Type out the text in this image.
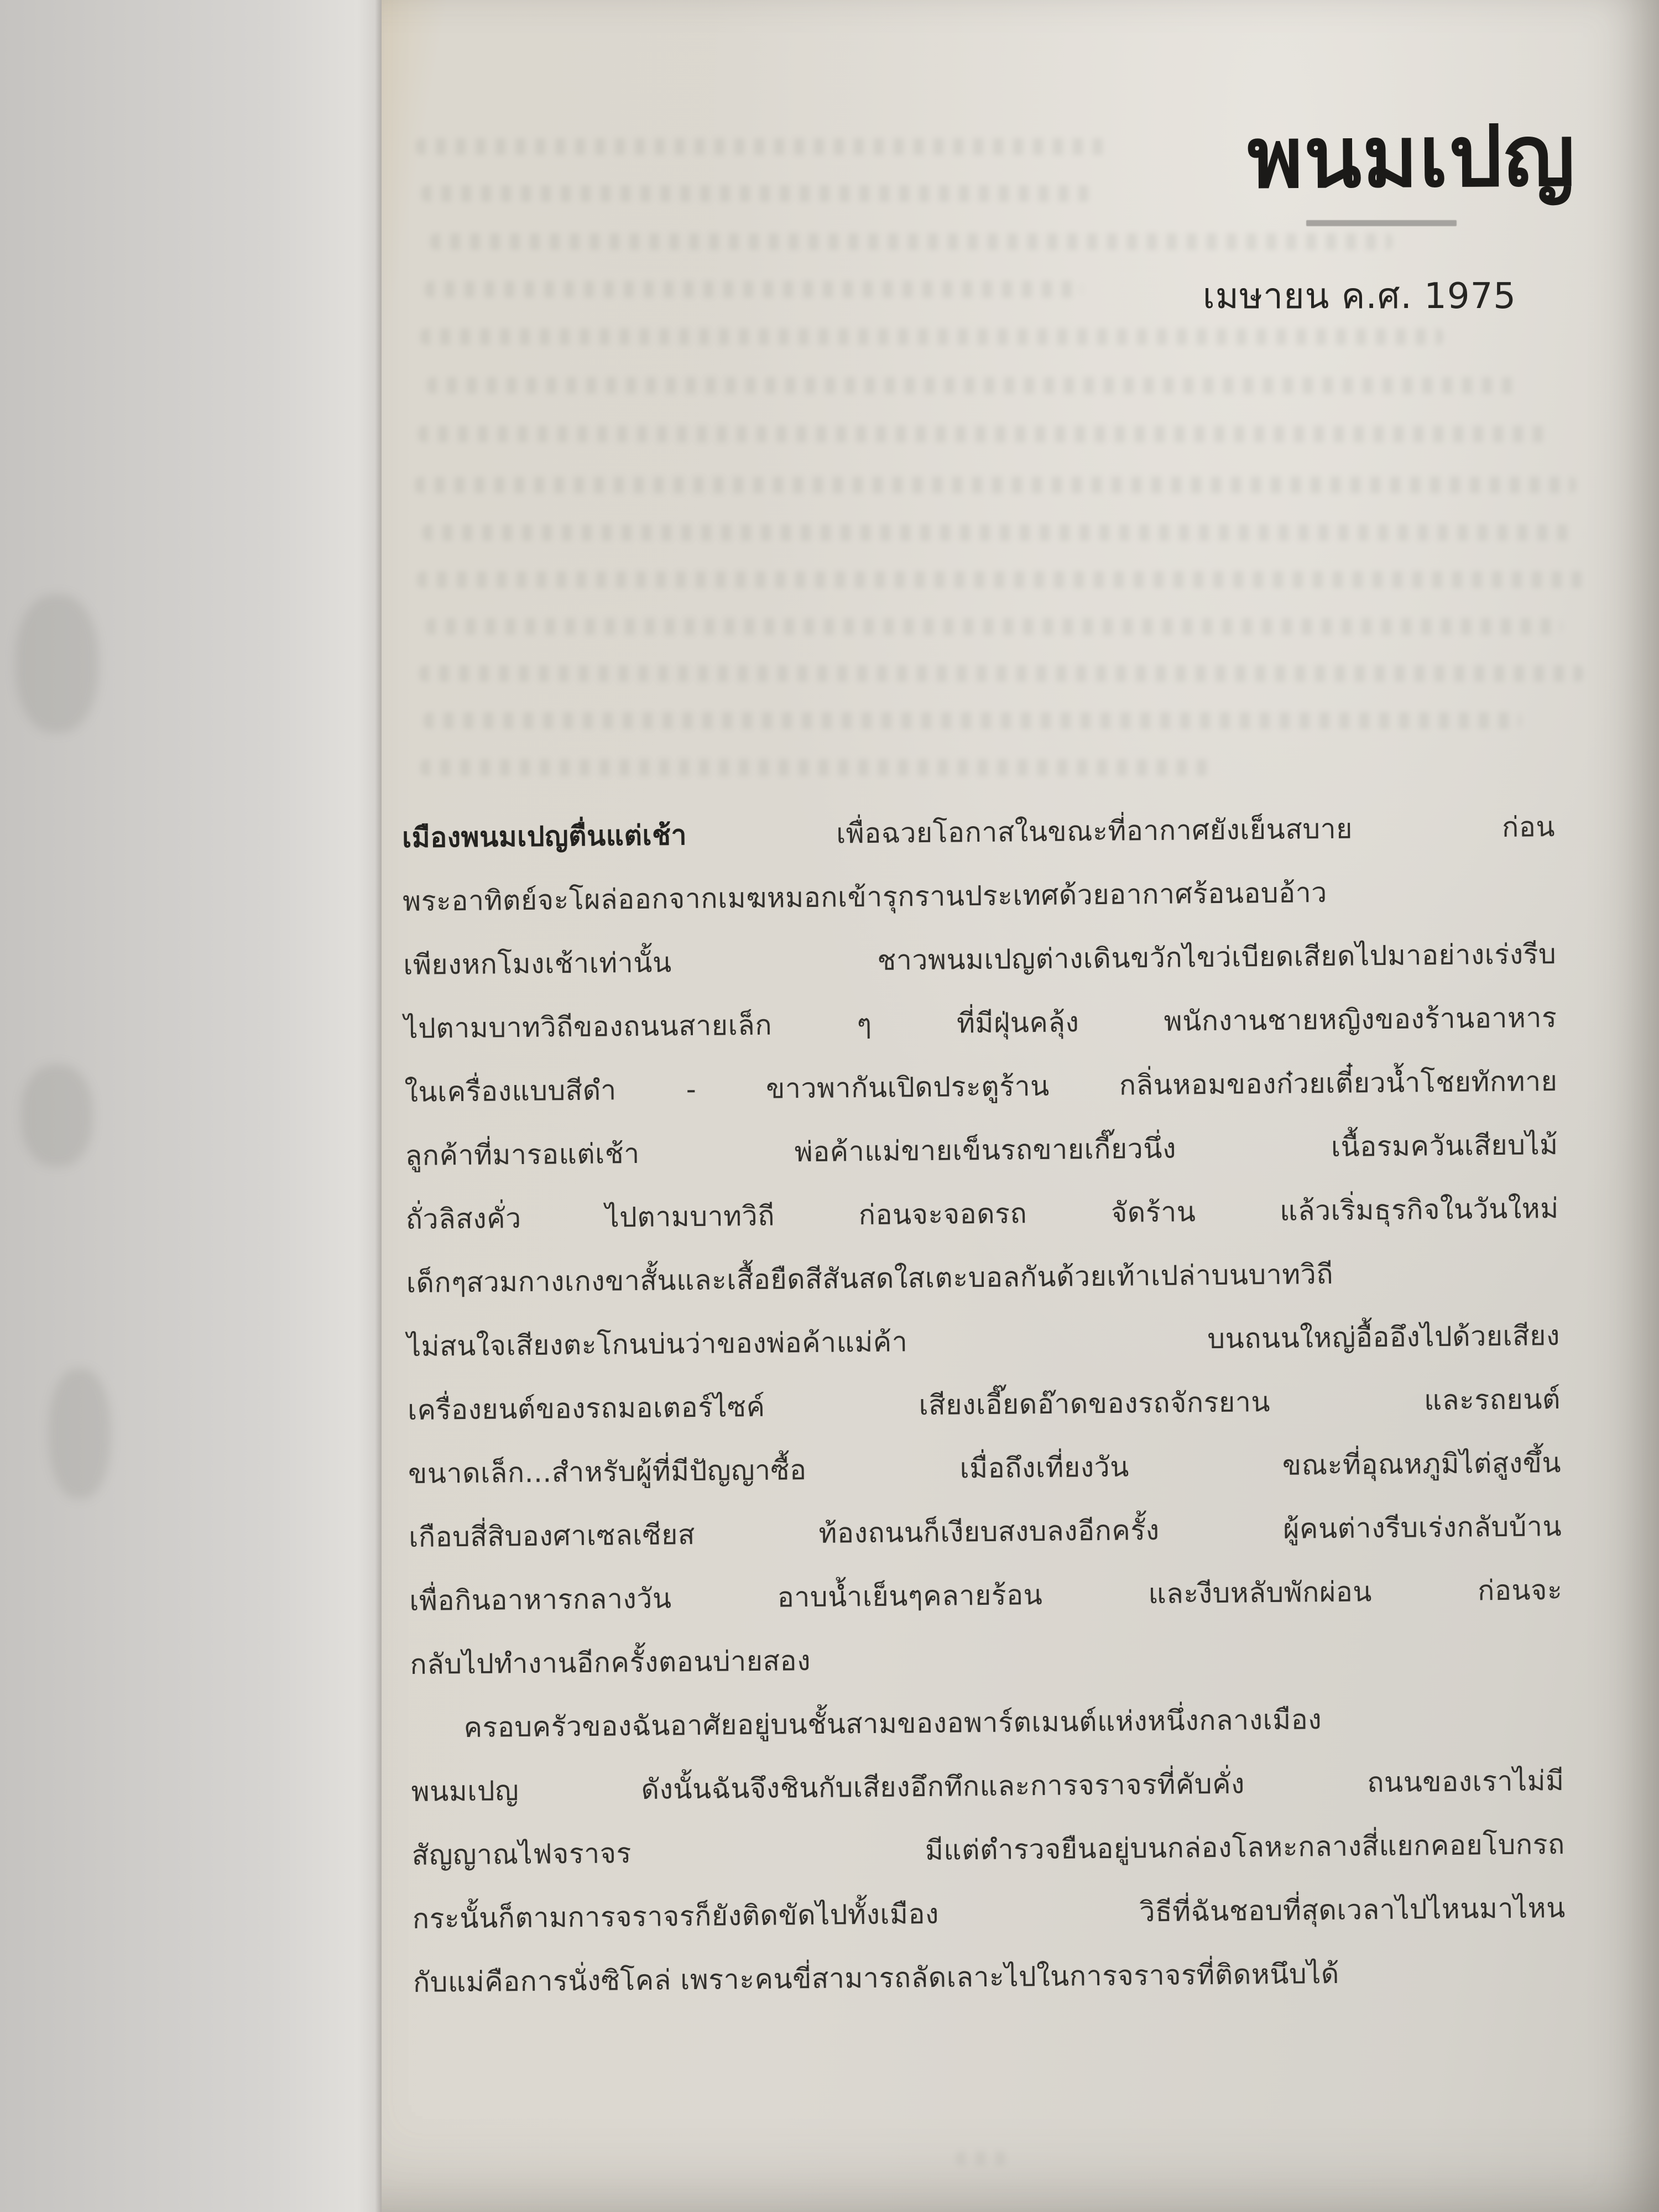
พนมเปญ
เมษายน ค.ศ. 1975
เมืองพนมเปญตื่นแต่เช้า	เพื่อฉวยโอกาสในขณะที่อากาศยังเย็นสบาย ก่อน
พระอาทิตย์จะโผล่ออกจากเมฆหมอกเข้ารุกรานประเทศด้วยอากาศร้อนอบอ้าว
เพียงหกโมงเช้าเท่านั้น ชาวพนมเปญต่างเดินขวักไขว่เบียดเสียดไปมาอย่างเร่งรีบ
ไปตามบาทวิถีของถนนสายเล็ก ๆ ที่มีฝุ่นคลุ้ง พนักงานชายหญิงของร้านอาหาร
ในเครื่องแบบสีดำ - ขาวพากันเปิดประตูร้าน กลิ่นหอมของก๋วยเตี๋ยวน้ำโชยทักทาย
ลูกค้าที่มารอแต่เช้า พ่อค้าแม่ขายเข็นรถขายเกี๊ยวนึ่ง เนื้อรมควันเสียบไม้
ถั่วลิสงคั่ว ไปตามบาทวิถี ก่อนจะจอดรถ จัดร้าน แล้วเริ่มธุรกิจในวันใหม่
เด็กๆสวมกางเกงขาสั้นและเสื้อยืดสีสันสดใสเตะบอลกันด้วยเท้าเปล่าบนบาทวิถี
ไม่สนใจเสียงตะโกนบ่นว่าของพ่อค้าแม่ค้า บนถนนใหญ่อื้ออึงไปด้วยเสียง
เครื่องยนต์ของรถมอเตอร์ไซค์ เสียงเอี๊ยดอ๊าดของรถจักรยาน และรถยนต์
ขนาดเล็ก...สำหรับผู้ที่มีปัญญาซื้อ เมื่อถึงเที่ยงวัน ขณะที่อุณหภูมิไต่สูงขึ้น
เกือบสี่สิบองศาเซลเซียส ท้องถนนก็เงียบสงบลงอีกครั้ง ผู้คนต่างรีบเร่งกลับบ้าน
เพื่อกินอาหารกลางวัน อาบน้ำเย็นๆคลายร้อน และงีบหลับพักผ่อน ก่อนจะ
กลับไปทำงานอีกครั้งตอนบ่ายสอง
ครอบครัวของฉันอาศัยอยู่บนชั้นสามของอพาร์ตเมนต์แห่งหนึ่งกลางเมือง
พนมเปญ ดังนั้นฉันจึงชินกับเสียงอึกทึกและการจราจรที่คับคั่ง ถนนของเราไม่มี
สัญญาณไฟจราจร มีแต่ตำรวจยืนอยู่บนกล่องโลหะกลางสี่แยกคอยโบกรถ
กระนั้นก็ตามการจราจรก็ยังติดขัดไปทั้งเมือง วิธีที่ฉันชอบที่สุดเวลาไปไหนมาไหน
กับแม่คือการนั่งซิโคล่ เพราะคนขี่สามารถลัดเลาะไปในการจราจรที่ติดหนึบได้
